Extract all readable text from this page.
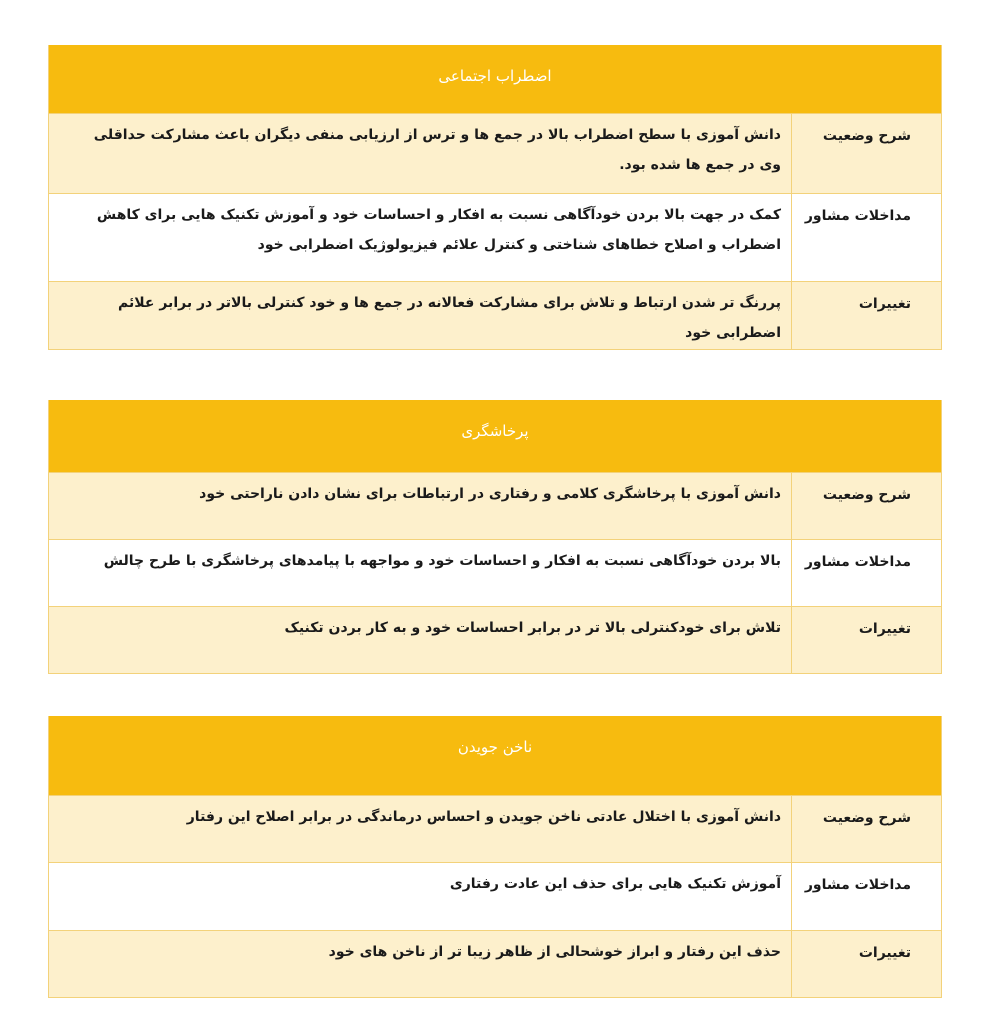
اضطراب اجتماعی
شرح وضعیت
دانش آموزی با سطح اضطراب بالا در جمع ها و ترس از ارزیابی منفی دیگران باعث مشارکت حداقلی وی در جمع ها شده بود.
مداخلات مشاور
کمک در جهت بالا بردن خودآگاهی نسبت به افکار و احساسات خود و آموزش تکنیک هایی برای کاهش اضطراب و اصلاح خطاهای شناختی و کنترل علائم فیزیولوژیک اضطرابی خود
تغییرات
پررنگ تر شدن ارتباط و تلاش برای مشارکت فعالانه در جمع ها و خود کنترلی بالاتر در برابر علائم اضطرابی خود
پرخاشگری
شرح وضعیت
دانش آموزی با پرخاشگری کلامی و رفتاری در ارتباطات برای نشان دادن ناراحتی خود
مداخلات مشاور
بالا بردن خودآگاهی نسبت به افکار و احساسات خود و مواجهه با پیامدهای پرخاشگری با طرح چالش
تغییرات
تلاش برای خودکنترلی بالا تر در برابر احساسات خود و به کار بردن تکنیک
ناخن جویدن
شرح وضعیت
دانش آموزی با اختلال عادتی ناخن جویدن و احساس درماندگی در برابر اصلاح این رفتار
مداخلات مشاور
آموزش تکنیک هایی برای حذف این عادت رفتاری
تغییرات
حذف این رفتار و ابراز خوشحالی از ظاهر زیبا تر از ناخن های خود
